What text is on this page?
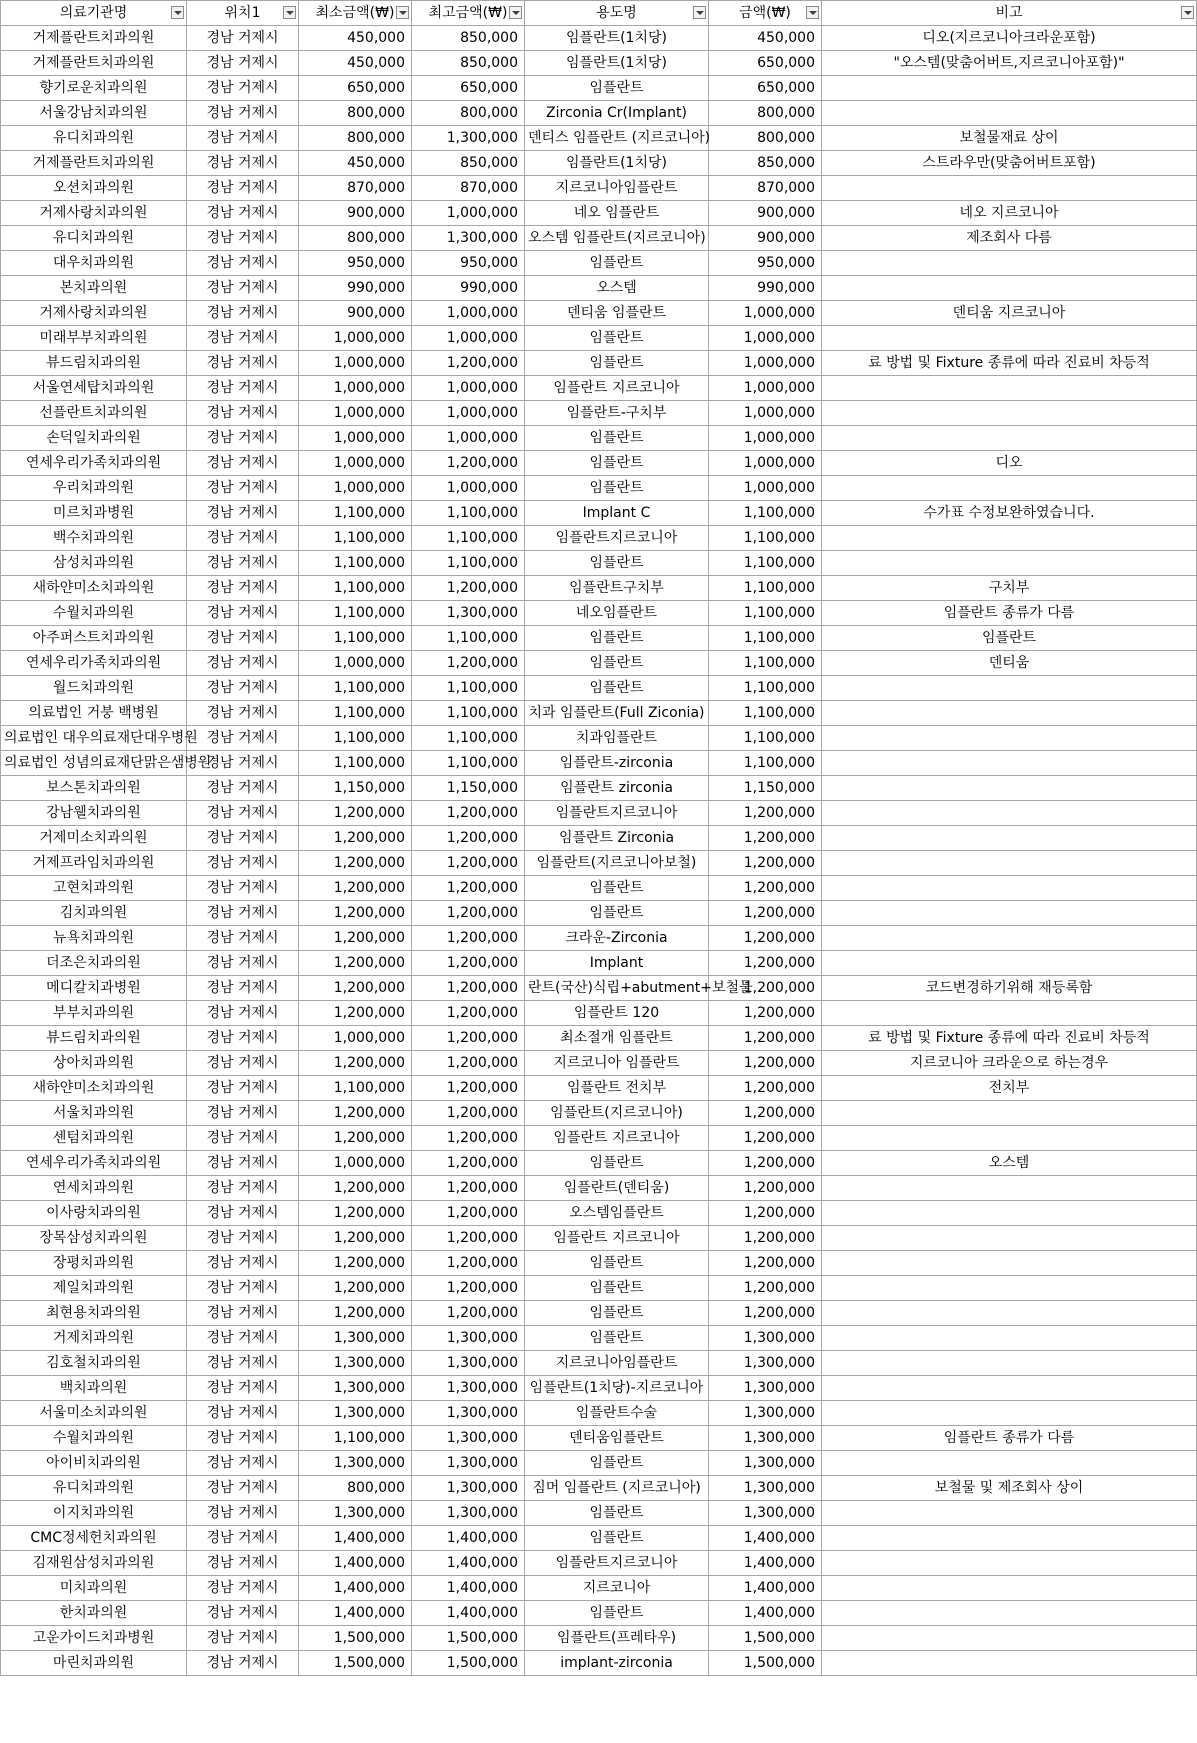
의료기관명	위치1	최소금액(₩)	최고금액(₩)	용도명	금액(₩)	비고

거제플란트치과의원	경남 거제시	450,000	850,000	임플란트(1치당)	450,000	디오(지르코니아크라운포함)
거제플란트치과의원	경남 거제시	450,000	850,000	임플란트(1치당)	650,000	"오스템(맞춤어버트,지르코니아포함)"
향기로운치과의원	경남 거제시	650,000	650,000	임플란트	650,000	
서울강남치과의원	경남 거제시	800,000	800,000	Zirconia Cr(Implant)	800,000	
유디치과의원	경남 거제시	800,000	1,300,000	덴티스 임플란트 (지르코니아)	800,000	보철물재료 상이
거제플란트치과의원	경남 거제시	450,000	850,000	임플란트(1치당)	850,000	스트라우만(맞춤어버트포함)
오션치과의원	경남 거제시	870,000	870,000	지르코니아임플란트	870,000	
거제사랑치과의원	경남 거제시	900,000	1,000,000	네오 임플란트	900,000	네오 지르코니아
유디치과의원	경남 거제시	800,000	1,300,000	오스템 임플란트(지르코니아)	900,000	제조회사 다름
대우치과의원	경남 거제시	950,000	950,000	임플란트	950,000	
본치과의원	경남 거제시	990,000	990,000	오스템	990,000	
거제사랑치과의원	경남 거제시	900,000	1,000,000	덴티움 임플란트	1,000,000	덴티움 지르코니아
미래부부치과의원	경남 거제시	1,000,000	1,000,000	임플란트	1,000,000	
뷰드림치과의원	경남 거제시	1,000,000	1,200,000	임플란트	1,000,000	료 방법 및 Fixture 종류에 따라 진료비 차등적
서울연세탑치과의원	경남 거제시	1,000,000	1,000,000	임플란트 지르코니아	1,000,000	
선플란트치과의원	경남 거제시	1,000,000	1,000,000	임플란트-구치부	1,000,000	
손덕일치과의원	경남 거제시	1,000,000	1,000,000	임플란트	1,000,000	
연세우리가족치과의원	경남 거제시	1,000,000	1,200,000	임플란트	1,000,000	디오
우리치과의원	경남 거제시	1,000,000	1,000,000	임플란트	1,000,000	
미르치과병원	경남 거제시	1,100,000	1,100,000	Implant C	1,100,000	수가표 수정보완하였습니다.
백수치과의원	경남 거제시	1,100,000	1,100,000	임플란트지르코니아	1,100,000	
삼성치과의원	경남 거제시	1,100,000	1,100,000	임플란트	1,100,000	
새하얀미소치과의원	경남 거제시	1,100,000	1,200,000	임플란트구치부	1,100,000	구치부
수월치과의원	경남 거제시	1,100,000	1,300,000	네오임플란트	1,100,000	임플란트 종류가 다름
아주퍼스트치과의원	경남 거제시	1,100,000	1,100,000	임플란트	1,100,000	임플란트
연세우리가족치과의원	경남 거제시	1,000,000	1,200,000	임플란트	1,100,000	덴티움
월드치과의원	경남 거제시	1,100,000	1,100,000	임플란트	1,100,000	
의료법인 거붕 백병원	경남 거제시	1,100,000	1,100,000	치과 임플란트(Full Ziconia)	1,100,000	
의료법인 대우의료재단대우병원	경남 거제시	1,100,000	1,100,000	치과임플란트	1,100,000	
의료법인 성념의료재단맑은샘병원	경남 거제시	1,100,000	1,100,000	임플란트-zirconia	1,100,000	
보스톤치과의원	경남 거제시	1,150,000	1,150,000	임플란트 zirconia	1,150,000	
강남웰치과의원	경남 거제시	1,200,000	1,200,000	임플란트지르코니아	1,200,000	
거제미소치과의원	경남 거제시	1,200,000	1,200,000	임플란트 Zirconia	1,200,000	
거제프라임치과의원	경남 거제시	1,200,000	1,200,000	임플란트(지르코니아보철)	1,200,000	
고현치과의원	경남 거제시	1,200,000	1,200,000	임플란트	1,200,000	
김치과의원	경남 거제시	1,200,000	1,200,000	임플란트	1,200,000	
뉴욕치과의원	경남 거제시	1,200,000	1,200,000	크라운-Zirconia	1,200,000	
더조은치과의원	경남 거제시	1,200,000	1,200,000	Implant	1,200,000	
메디칼치과병원	경남 거제시	1,200,000	1,200,000	란트(국산)식립+abutment+보철물	1,200,000	코드변경하기위해 재등록함
부부치과의원	경남 거제시	1,200,000	1,200,000	임플란트 120	1,200,000	
뷰드림치과의원	경남 거제시	1,000,000	1,200,000	최소절개 임플란트	1,200,000	료 방법 및 Fixture 종류에 따라 진료비 차등적
상아치과의원	경남 거제시	1,200,000	1,200,000	지르코니아 임플란트	1,200,000	지르코니아 크라운으로 하는경우
새하얀미소치과의원	경남 거제시	1,100,000	1,200,000	임플란트 전치부	1,200,000	전치부
서울치과의원	경남 거제시	1,200,000	1,200,000	임플란트(지르코니아)	1,200,000	
센텀치과의원	경남 거제시	1,200,000	1,200,000	임플란트 지르코니아	1,200,000	
연세우리가족치과의원	경남 거제시	1,000,000	1,200,000	임플란트	1,200,000	오스템
연세치과의원	경남 거제시	1,200,000	1,200,000	임플란트(덴티움)	1,200,000	
이사랑치과의원	경남 거제시	1,200,000	1,200,000	오스템임플란트	1,200,000	
장목삼성치과의원	경남 거제시	1,200,000	1,200,000	임플란트 지르코니아	1,200,000	
장평치과의원	경남 거제시	1,200,000	1,200,000	임플란트	1,200,000	
제일치과의원	경남 거제시	1,200,000	1,200,000	임플란트	1,200,000	
최현용치과의원	경남 거제시	1,200,000	1,200,000	임플란트	1,200,000	
거제치과의원	경남 거제시	1,300,000	1,300,000	임플란트	1,300,000	
김호철치과의원	경남 거제시	1,300,000	1,300,000	지르코니아임플란트	1,300,000	
백치과의원	경남 거제시	1,300,000	1,300,000	임플란트(1치당)-지르코니아	1,300,000	
서울미소치과의원	경남 거제시	1,300,000	1,300,000	임플란트수술	1,300,000	
수월치과의원	경남 거제시	1,100,000	1,300,000	덴티움임플란트	1,300,000	임플란트 종류가 다름
아이비치과의원	경남 거제시	1,300,000	1,300,000	임플란트	1,300,000	
유디치과의원	경남 거제시	800,000	1,300,000	짐머 임플란트 (지르코니아)	1,300,000	보철물 및 제조회사 상이
이지치과의원	경남 거제시	1,300,000	1,300,000	임플란트	1,300,000	
CMC정세헌치과의원	경남 거제시	1,400,000	1,400,000	임플란트	1,400,000	
김재원삼성치과의원	경남 거제시	1,400,000	1,400,000	임플란트지르코니아	1,400,000	
미치과의원	경남 거제시	1,400,000	1,400,000	지르코니아	1,400,000	
한치과의원	경남 거제시	1,400,000	1,400,000	임플란트	1,400,000	
고운가이드치과병원	경남 거제시	1,500,000	1,500,000	임플란트(프레타우)	1,500,000	
마린치과의원	경남 거제시	1,500,000	1,500,000	implant-zirconia	1,500,000	
